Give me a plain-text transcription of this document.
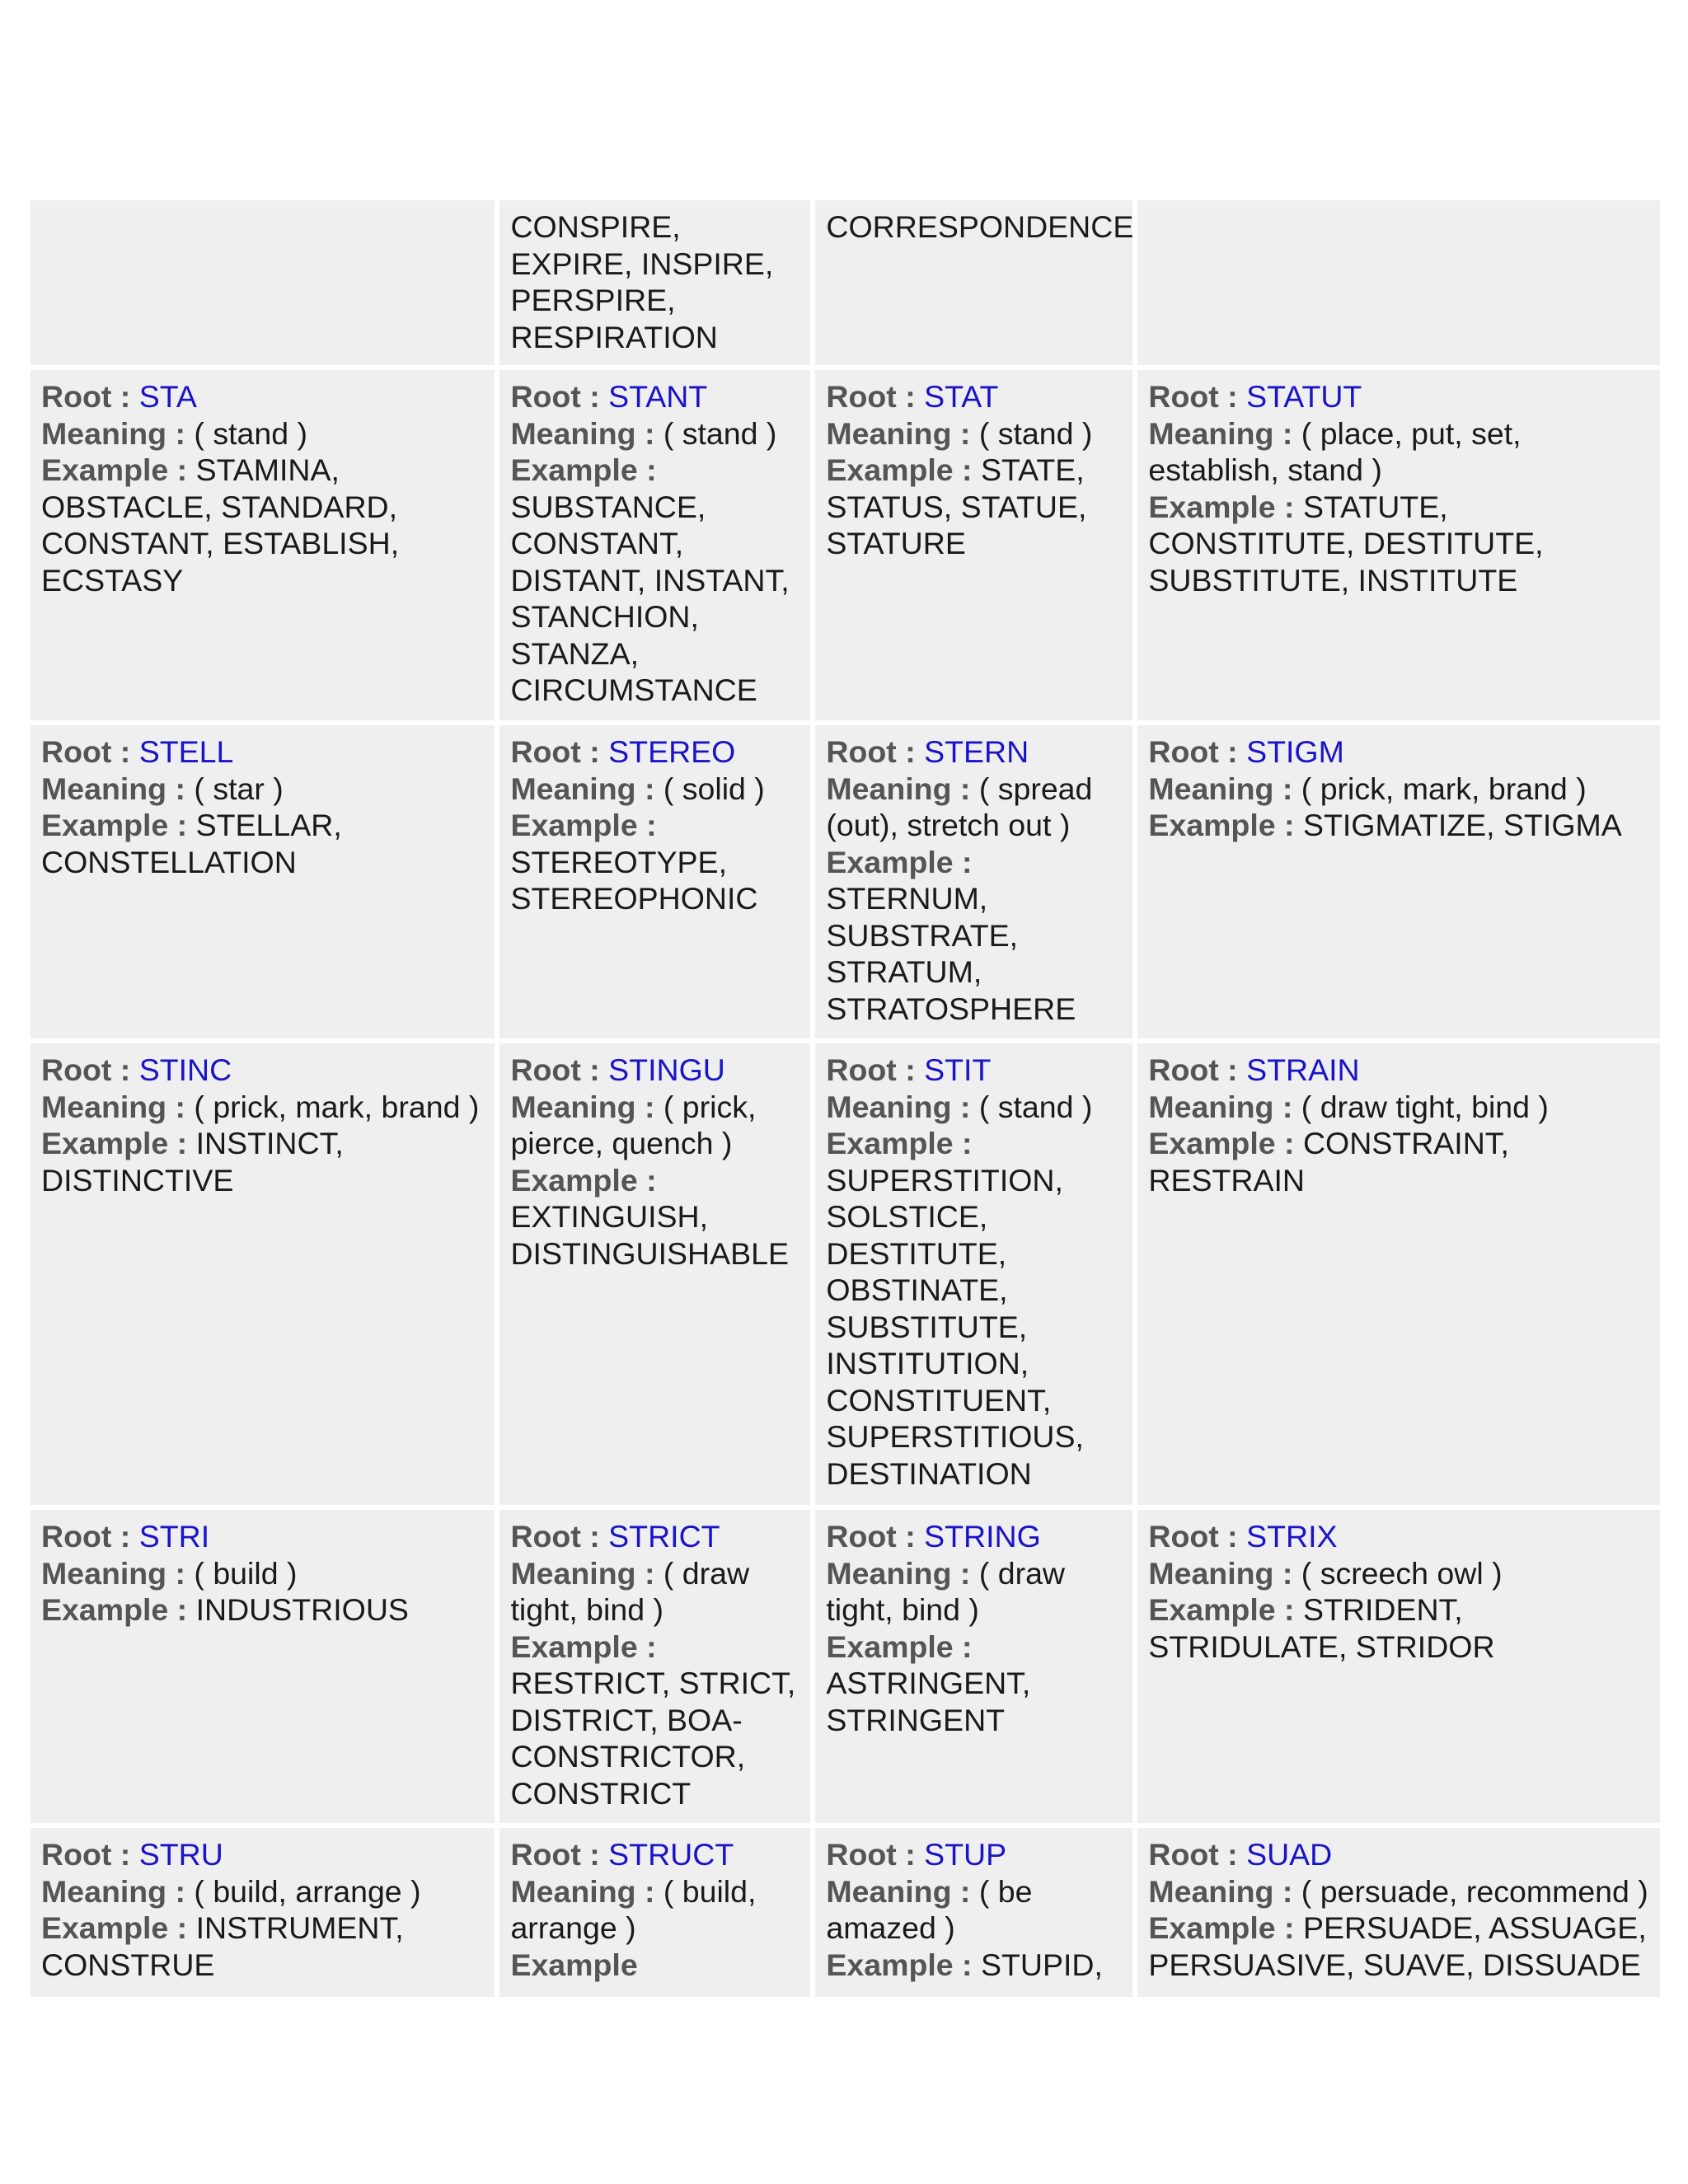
	CONSPIRE, EXPIRE, INSPIRE, PERSPIRE, RESPIRATION	CORRESPONDENCE	

Root : STA
Meaning : ( stand )
Example : STAMINA, OBSTACLE, STANDARD, CONSTANT, ESTABLISH, ECSTASY	Root : STANT
Meaning : ( stand )
Example : SUBSTANCE, CONSTANT, DISTANT, INSTANT, STANCHION, STANZA, CIRCUMSTANCE	Root : STAT
Meaning : ( stand )
Example : STATE, STATUS, STATUE, STATURE	Root : STATUT
Meaning : ( place, put, set, establish, stand )
Example : STATUTE, CONSTITUTE, DESTITUTE, SUBSTITUTE, INSTITUTE

Root : STELL
Meaning : ( star )
Example : STELLAR, CONSTELLATION	Root : STEREO
Meaning : ( solid )
Example : STEREOTYPE, STEREOPHONIC	Root : STERN
Meaning : ( spread (out), stretch out )
Example : STERNUM, SUBSTRATE, STRATUM, STRATOSPHERE	Root : STIGM
Meaning : ( prick, mark, brand )
Example : STIGMATIZE, STIGMA

Root : STINC
Meaning : ( prick, mark, brand )
Example : INSTINCT, DISTINCTIVE	Root : STINGU
Meaning : ( prick, pierce, quench )
Example : EXTINGUISH, DISTINGUISHABLE	Root : STIT
Meaning : ( stand )
Example : SUPERSTITION, SOLSTICE, DESTITUTE, OBSTINATE, SUBSTITUTE, INSTITUTION, CONSTITUENT, SUPERSTITIOUS, DESTINATION	Root : STRAIN
Meaning : ( draw tight, bind )
Example : CONSTRAINT, RESTRAIN

Root : STRI
Meaning : ( build )
Example : INDUSTRIOUS	Root : STRICT
Meaning : ( draw tight, bind )
Example : RESTRICT, STRICT, DISTRICT, BOA-CONSTRICTOR, CONSTRICT	Root : STRING
Meaning : ( draw tight, bind )
Example : ASTRINGENT, STRINGENT	Root : STRIX
Meaning : ( screech owl )
Example : STRIDENT, STRIDULATE, STRIDOR

Root : STRU
Meaning : ( build, arrange )
Example : INSTRUMENT, CONSTRUE	Root : STRUCT
Meaning : ( build, arrange )
Example	Root : STUP
Meaning : ( be amazed )
Example : STUPID,	Root : SUAD
Meaning : ( persuade, recommend )
Example : PERSUADE, ASSUAGE, PERSUASIVE, SUAVE, DISSUADE
